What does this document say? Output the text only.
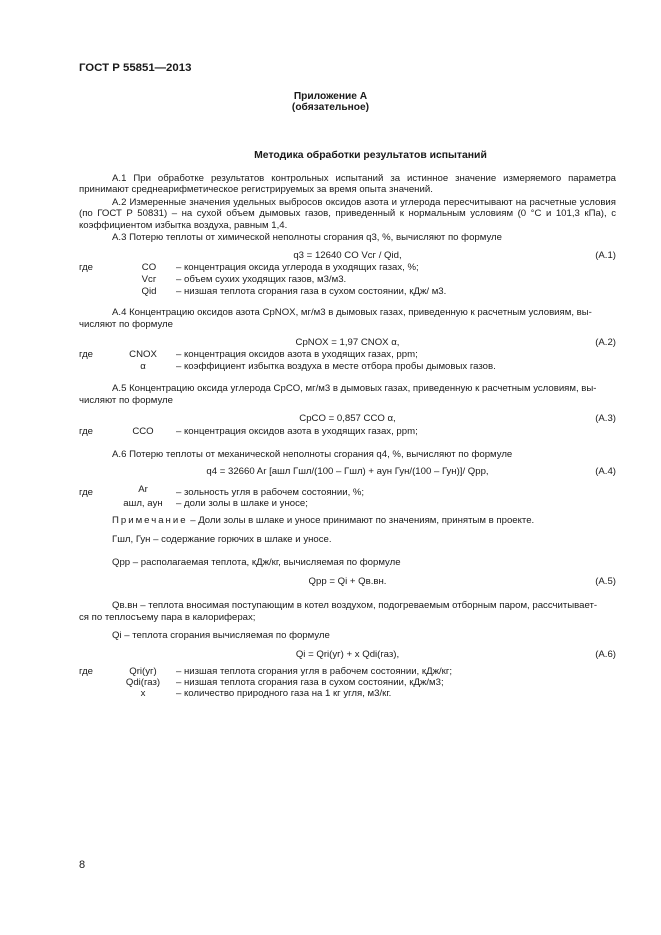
ГОСТ Р 55851—2013
Приложение А
(обязательное)
Методика обработки результатов испытаний
А.1 При обработке результатов контрольных испытаний за истинное значение измеряемого параметра принимают среднеарифметическое регистрируемых за время опыта значений.
А.2 Измеренные значения удельных выбросов оксидов азота и углерода пересчитывают на расчетные условия (по ГОСТ Р 50831) – на сухой объем дымовых газов, приведенный к нормальным условиям (0 °С и 101,3 кПа), с коэффициентом избытка воздуха, равным 1,4.
А.3 Потерю теплоты от химической неполноты сгорания q3, %, вычисляют по формуле
q3 = 12640 CO Vсг / Qid,	(А.1)
где	CO	– концентрация оксида углерода в уходящих газах, %;
Vсг	– объем сухих уходящих газов, м3/м3.
Qid	– низшая теплота сгорания газа в сухом состоянии, кДж/ м3.
А.4 Концентрацию оксидов азота CpNOX, мг/м3 в дымовых газах, приведенную к расчетным условиям, вы-
числяют по формуле
CpNOX = 1,97 CNOX α,	(А.2)
где	CNOX	– концентрация оксидов азота в уходящих газах, ppm;
α	– коэффициент избытка воздуха в месте отбора пробы дымовых газов.
А.5 Концентрацию оксида углерода CpCO, мг/м3 в дымовых газах, приведенную к расчетным условиям, вы-
числяют по формуле
CpCO = 0,857 CCO α,	(А.3)
где	CCO	– концентрация оксидов азота в уходящих газах, ppm;
А.6 Потерю теплоты от механической неполноты сгорания q4, %, вычисляют по формуле
q4 = 32660 Ar [aшл Гшл/(100 – Гшл) + aун Гун/(100 – Гун)]/ Qpp,	(А.4)
где	Ar	– зольность угля в рабочем состоянии, %;
aшл, aун	– доли золы в шлаке и уносе;
Примечание – Доли золы в шлаке и уносе принимают по значениям, принятым в проекте.
Гшл, Гун – содержание горючих в шлаке и уносе.
Qpp – располагаемая теплота, кДж/кг, вычисляемая по формуле
Qpp = Qi + Qв.вн.	(А.5)
Qв.вн – теплота вносимая поступающим в котел воздухом, подогреваемым отборным паром, рассчитывает-
ся по теплосъему пара в калориферах;
Qi – теплота сгорания вычисляемая по формуле
Qi = Qri(уг) + x Qdi(газ),	(А.6)
где	Qri(уг)	– низшая теплота сгорания угля в рабочем состоянии, кДж/кг;
Qdi(газ)	– низшая теплота сгорания газа в сухом состоянии, кДж/м3;
x	– количество природного газа на 1 кг угля, м3/кг.
8
